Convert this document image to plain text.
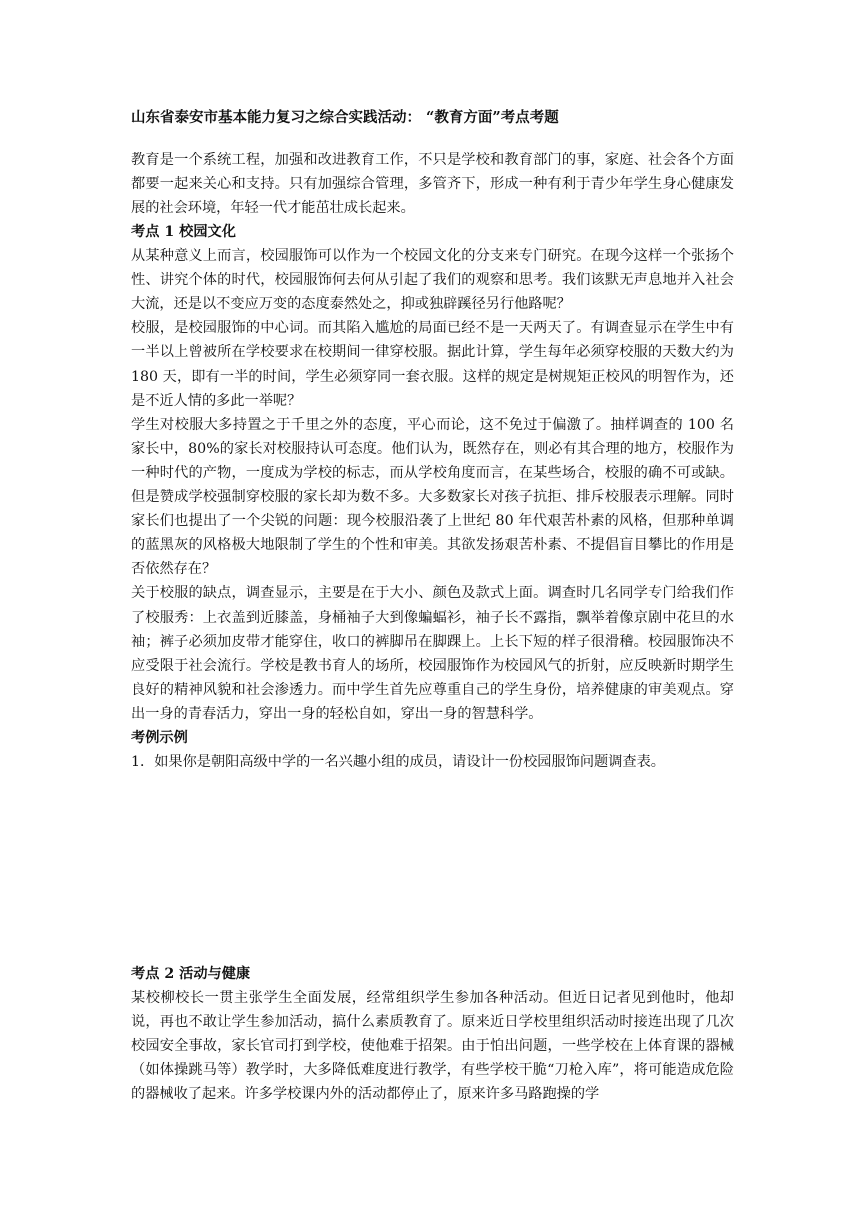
山东省泰安市基本能力复习之综合实践活动： “教育方面”考点考题

教育是一个系统工程，加强和改进教育工作，不只是学校和教育部门的事，家庭、社会各个方面都要一起来关心和支持。只有加强综合管理，多管齐下，形成一种有利于青少年学生身心健康发展的社会环境，年轻一代才能茁壮成长起来。

考点 1 校园文化

从某种意义上而言，校园服饰可以作为一个校园文化的分支来专门研究。在现今这样一个张扬个性、讲究个体的时代，校园服饰何去何从引起了我们的观察和思考。我们该默无声息地并入社会大流，还是以不变应万变的态度泰然处之，抑或独辟蹊径另行他路呢？

校服，是校园服饰的中心词。而其陷入尴尬的局面已经不是一天两天了。有调查显示在学生中有一半以上曾被所在学校要求在校期间一律穿校服。据此计算，学生每年必须穿校服的天数大约为 180 天，即有一半的时间，学生必须穿同一套衣服。这样的规定是树规矩正校风的明智作为，还是不近人情的多此一举呢？

学生对校服大多持置之于千里之外的态度，平心而论，这不免过于偏激了。抽样调查的 100 名家长中，80%的家长对校服持认可态度。他们认为，既然存在，则必有其合理的地方，校服作为一种时代的产物，一度成为学校的标志，而从学校角度而言，在某些场合，校服的确不可或缺。但是赞成学校强制穿校服的家长却为数不多。大多数家长对孩子抗拒、排斥校服表示理解。同时家长们也提出了一个尖锐的问题：现今校服沿袭了上世纪 80 年代艰苦朴素的风格，但那种单调的蓝黑灰的风格极大地限制了学生的个性和审美。其欲发扬艰苦朴素、不提倡盲目攀比的作用是否依然存在？

关于校服的缺点，调查显示，主要是在于大小、颜色及款式上面。调查时几名同学专门给我们作了校服秀：上衣盖到近膝盖，身桶袖子大到像蝙蝠衫，袖子长不露指，飘举着像京剧中花旦的水袖；裤子必须加皮带才能穿住，收口的裤脚吊在脚踝上。上长下短的样子很滑稽。校园服饰决不应受限于社会流行。学校是教书育人的场所，校园服饰作为校园风气的折射，应反映新时期学生良好的精神风貌和社会渗透力。而中学生首先应尊重自己的学生身份，培养健康的审美观点。穿出一身的青春活力，穿出一身的轻松自如，穿出一身的智慧科学。

考例示例

1．如果你是朝阳高级中学的一名兴趣小组的成员，请设计一份校园服饰问题调查表。

考点 2 活动与健康

某校柳校长一贯主张学生全面发展，经常组织学生参加各种活动。但近日记者见到他时，他却说，再也不敢让学生参加活动，搞什么素质教育了。原来近日学校里组织活动时接连出现了几次校园安全事故，家长官司打到学校，使他难于招架。由于怕出问题，一些学校在上体育课的器械（如体操跳马等）教学时，大多降低难度进行教学，有些学校干脆“刀枪入库”，将可能造成危险的器械收了起来。许多学校课内外的活动都停止了，原来许多马路跑操的学
